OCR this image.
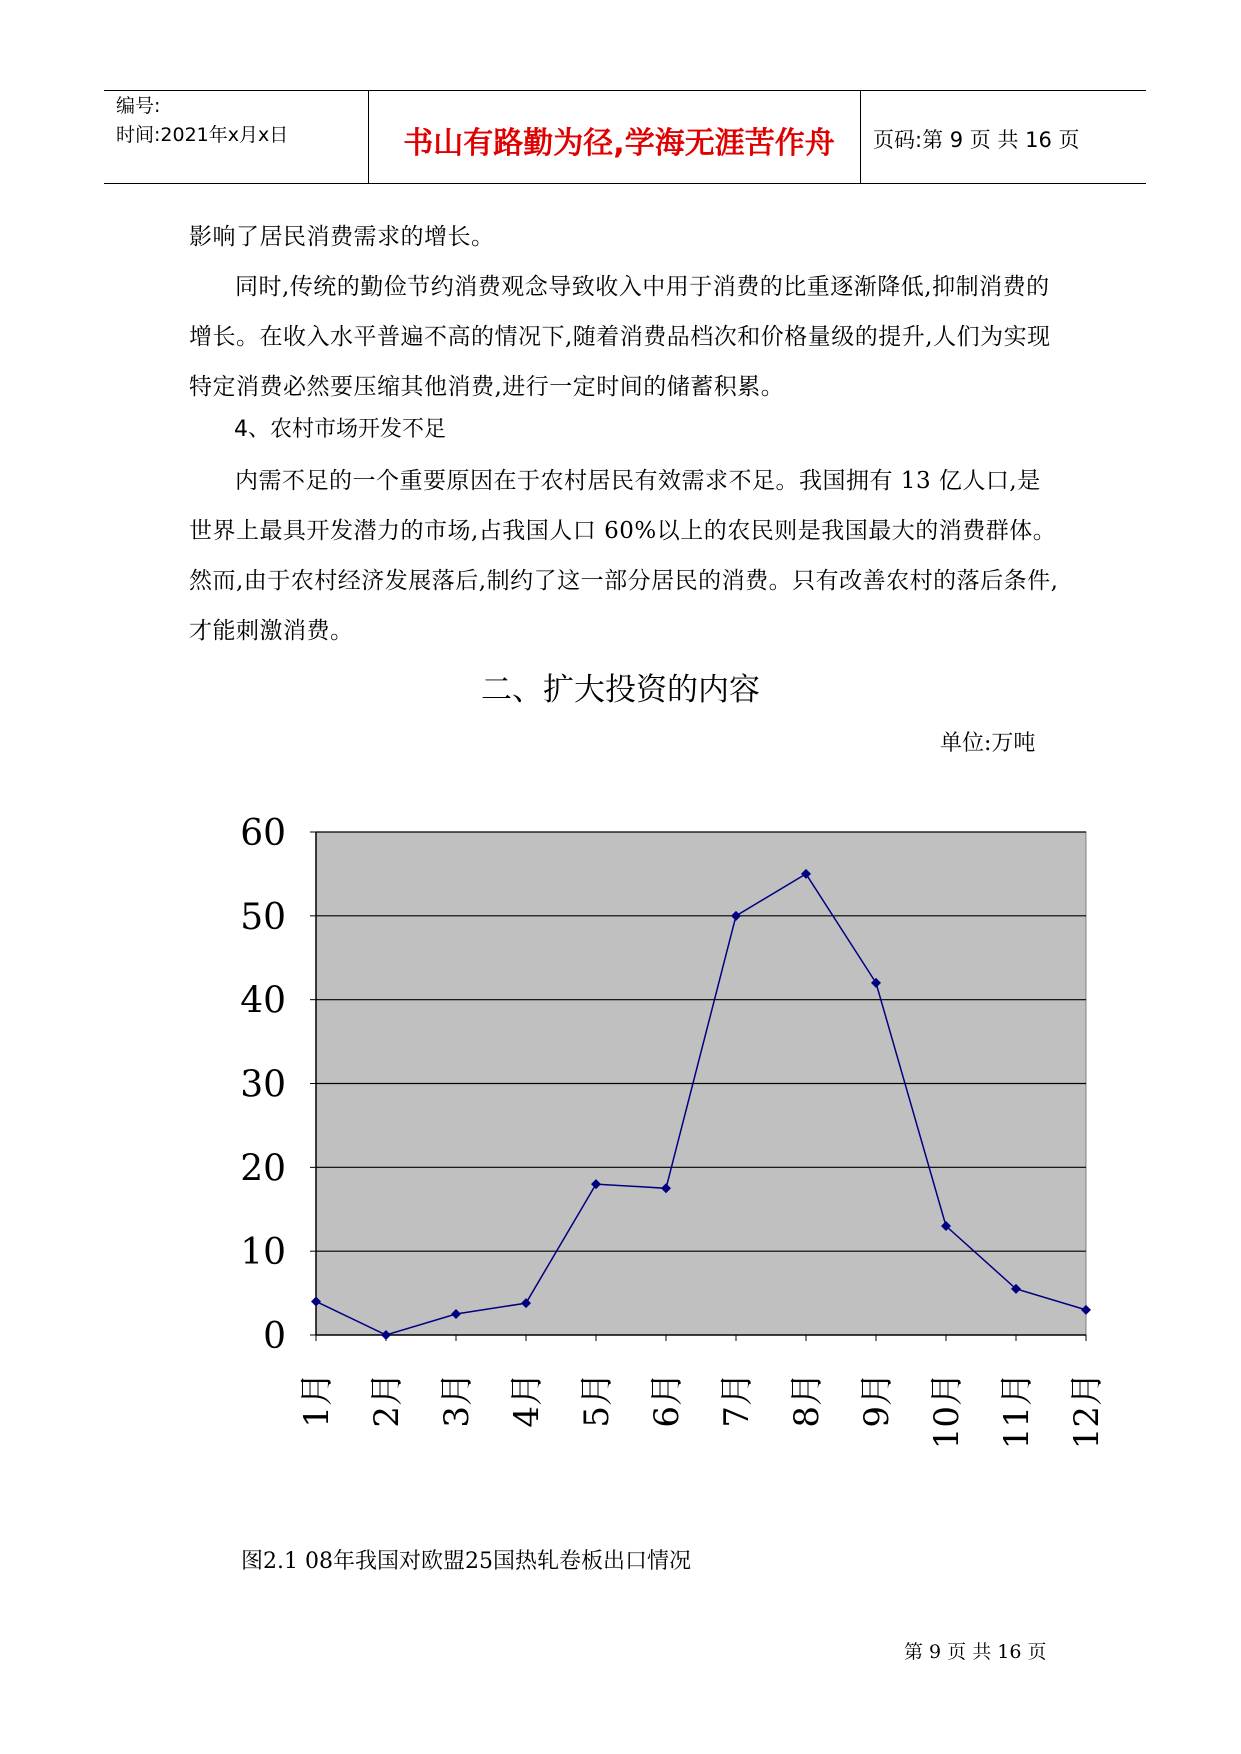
编号:
时间:2021年x月x日	书山有路勤为径,学海无涯苦作舟	页码:第 9 页 共 16 页
影响了居民消费需求的增长。
同时,传统的勤俭节约消费观念导致收入中用于消费的比重逐渐降低,抑制消费的增长。在收入水平普遍不高的情况下,随着消费品档次和价格量级的提升,人们为实现特定消费必然要压缩其他消费,进行一定时间的储蓄积累。
4、农村市场开发不足
内需不足的一个重要原因在于农村居民有效需求不足。我国拥有 13 亿人口,是世界上最具开发潜力的市场,占我国人口 60%以上的农民则是我国最大的消费群体。然而,由于农村经济发展落后,制约了这一部分居民的消费。只有改善农村的落后条件,才能刺激消费。
二、扩大投资的内容
单位:万吨
0
10
20
30
40
50
60
1月 2月 3月 4月 5月 6月 7月 8月 9月 10月 11月 12月
图2.1 08年我国对欧盟25国热轧卷板出口情况
第 9 页 共 16 页
